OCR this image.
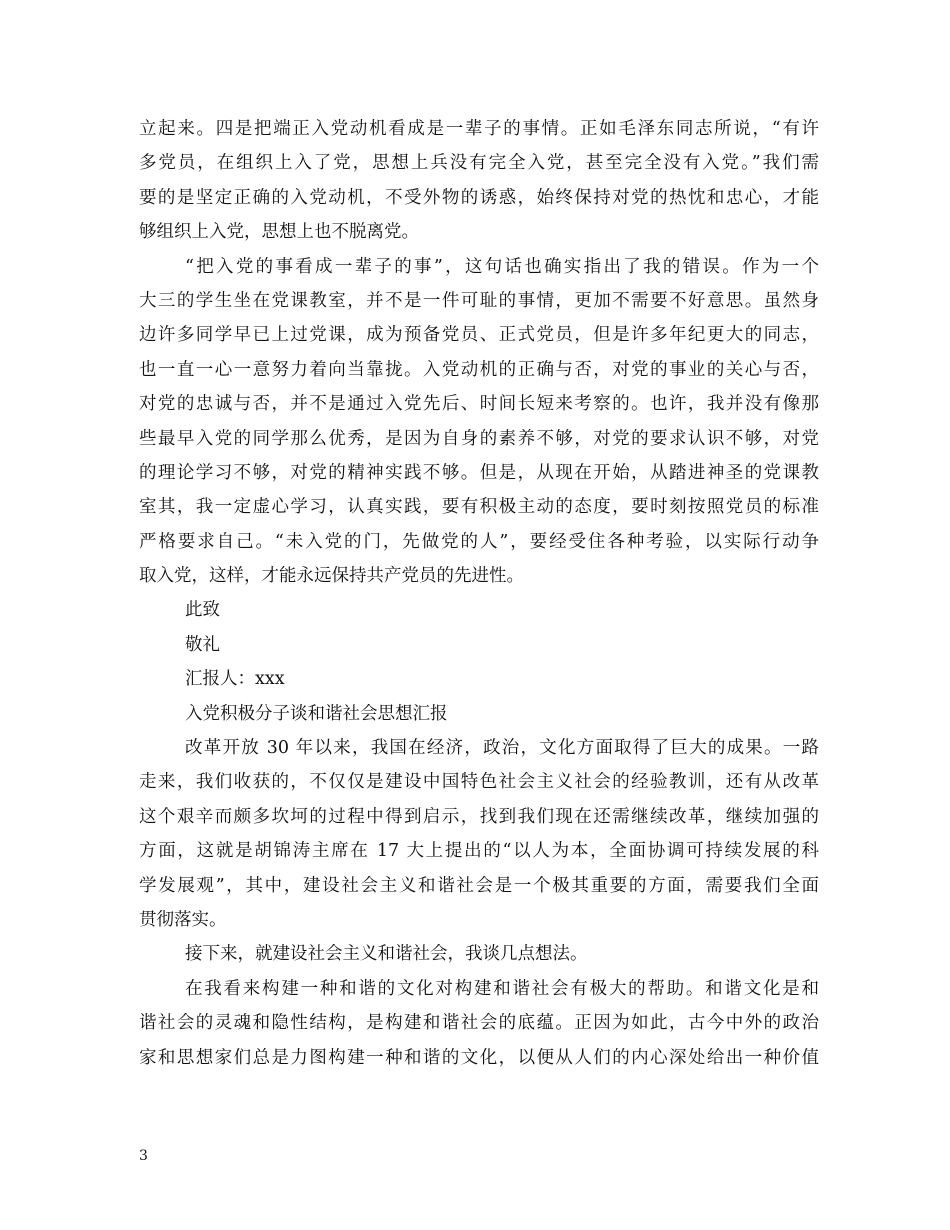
立起来。四是把端正入党动机看成是一辈子的事情。正如毛泽东同志所说，“有许
多党员，在组织上入了党，思想上兵没有完全入党，甚至完全没有入党。”我们需
要的是坚定正确的入党动机，不受外物的诱惑，始终保持对党的热忱和忠心，才能
够组织上入党，思想上也不脱离党。
“把入党的事看成一辈子的事”，这句话也确实指出了我的错误。作为一个
大三的学生坐在党课教室，并不是一件可耻的事情，更加不需要不好意思。虽然身
边许多同学早已上过党课，成为预备党员、正式党员，但是许多年纪更大的同志，
也一直一心一意努力着向当靠拢。入党动机的正确与否，对党的事业的关心与否，
对党的忠诚与否，并不是通过入党先后、时间长短来考察的。也许，我并没有像那
些最早入党的同学那么优秀，是因为自身的素养不够，对党的要求认识不够，对党
的理论学习不够，对党的精神实践不够。但是，从现在开始，从踏进神圣的党课教
室其，我一定虚心学习，认真实践，要有积极主动的态度，要时刻按照党员的标准
严格要求自己。“未入党的门，先做党的人”，要经受住各种考验，以实际行动争
取入党，这样，才能永远保持共产党员的先进性。
此致
敬礼
汇报人：xxx
入党积极分子谈和谐社会思想汇报
改革开放 30 年以来，我国在经济，政治，文化方面取得了巨大的成果。一路
走来，我们收获的，不仅仅是建设中国特色社会主义社会的经验教训，还有从改革
这个艰辛而颇多坎坷的过程中得到启示，找到我们现在还需继续改革，继续加强的
方面，这就是胡锦涛主席在 17 大上提出的“以人为本，全面协调可持续发展的科
学发展观”，其中，建设社会主义和谐社会是一个极其重要的方面，需要我们全面
贯彻落实。
接下来，就建设社会主义和谐社会，我谈几点想法。
在我看来构建一种和谐的文化对构建和谐社会有极大的帮助。和谐文化是和
谐社会的灵魂和隐性结构，是构建和谐社会的底蕴。正因为如此，古今中外的政治
家和思想家们总是力图构建一种和谐的文化，以便从人们的内心深处给出一种价值
3
